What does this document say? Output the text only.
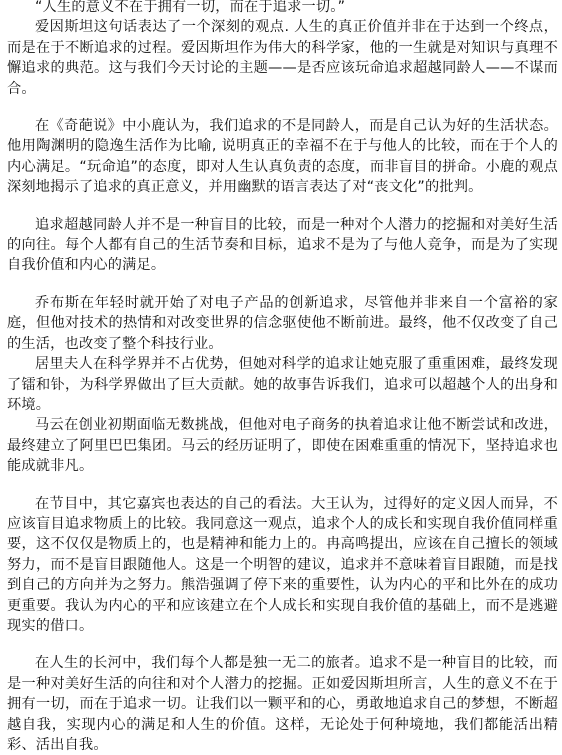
“人生的意义不在于拥有一切，而在于追求一切。”

爱因斯坦这句话表达了一个深刻的观点. 人生的真正价值并非在于达到一个终点，而是在于不断追求的过程。爱因斯坦作为伟大的科学家，他的一生就是对知识与真理不懈追求的典范。这与我们今天讨论的主题——是否应该玩命追求超越同龄人——不谋而合。

在《奇葩说》中小鹿认为，我们追求的不是同龄人，而是自己认为好的生活状态。他用陶渊明的隐逸生活作为比喻, 说明真正的幸福不在于与他人的比较，而在于个人的内心满足。“玩命追”的态度，即对人生认真负责的态度，而非盲目的拼命。小鹿的观点深刻地揭示了追求的真正意义，并用幽默的语言表达了对“丧文化”的批判。

追求超越同龄人并不是一种盲目的比较，而是一种对个人潜力的挖掘和对美好生活的向往。每个人都有自己的生活节奏和目标，追求不是为了与他人竞争，而是为了实现自我价值和内心的满足。

乔布斯在年轻时就开始了对电子产品的创新追求，尽管他并非来自一个富裕的家庭，但他对技术的热情和对改变世界的信念驱使他不断前进。最终，他不仅改变了自己的生活，也改变了整个科技行业。

居里夫人在科学界并不占优势，但她对科学的追求让她克服了重重困难，最终发现了镭和钋，为科学界做出了巨大贡献。她的故事告诉我们，追求可以超越个人的出身和环境。

马云在创业初期面临无数挑战，但他对电子商务的执着追求让他不断尝试和改进，最终建立了阿里巴巴集团。马云的经历证明了，即使在困难重重的情况下，坚持追求也能成就非凡。

在节目中，其它嘉宾也表达的自己的看法。大王认为，过得好的定义因人而异，不应该盲目追求物质上的比较。我同意这一观点，追求个人的成长和实现自我价值同样重要，这不仅仅是物质上的，也是精神和能力上的。冉高鸣提出，应该在自己擅长的领域努力，而不是盲目跟随他人。这是一个明智的建议，追求并不意味着盲目跟随，而是找到自己的方向并为之努力。熊浩强调了停下来的重要性，认为内心的平和比外在的成功更重要。我认为内心的平和应该建立在个人成长和实现自我价值的基础上，而不是逃避现实的借口。

在人生的长河中，我们每个人都是独一无二的旅者。追求不是一种盲目的比较，而是一种对美好生活的向往和对个人潜力的挖掘。正如爱因斯坦所言，人生的意义不在于拥有一切，而在于追求一切。让我们以一颗平和的心，勇敢地追求自己的梦想，不断超越自我，实现内心的满足和人生的价值。这样，无论处于何种境地，我们都能活出精彩、活出自我。
